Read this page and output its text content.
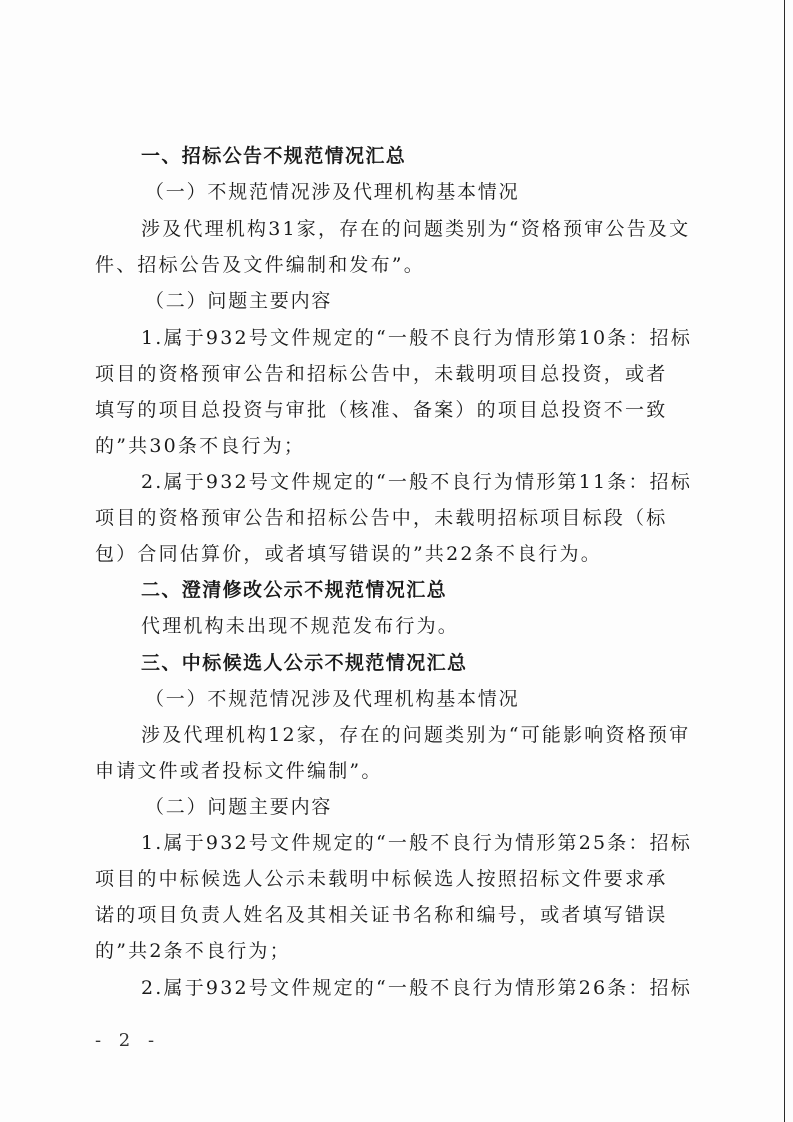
一、招标公告不规范情况汇总
（一）不规范情况涉及代理机构基本情况
涉及代理机构31家，存在的问题类别为“资格预审公告及文
件、招标公告及文件编制和发布”。
（二）问题主要内容
1.属于932号文件规定的“一般不良行为情形第10条：招标
项目的资格预审公告和招标公告中，未载明项目总投资，或者
填写的项目总投资与审批（核准、备案）的项目总投资不一致
的”共30条不良行为；
2.属于932号文件规定的“一般不良行为情形第11条：招标
项目的资格预审公告和招标公告中，未载明招标项目标段（标
包）合同估算价，或者填写错误的”共22条不良行为。
二、澄清修改公示不规范情况汇总
代理机构未出现不规范发布行为。
三、中标候选人公示不规范情况汇总
（一）不规范情况涉及代理机构基本情况
涉及代理机构12家，存在的问题类别为“可能影响资格预审
申请文件或者投标文件编制”。
（二）问题主要内容
1.属于932号文件规定的“一般不良行为情形第25条：招标
项目的中标候选人公示未载明中标候选人按照招标文件要求承
诺的项目负责人姓名及其相关证书名称和编号，或者填写错误
的”共2条不良行为；
2.属于932号文件规定的“一般不良行为情形第26条：招标
- 2 -
